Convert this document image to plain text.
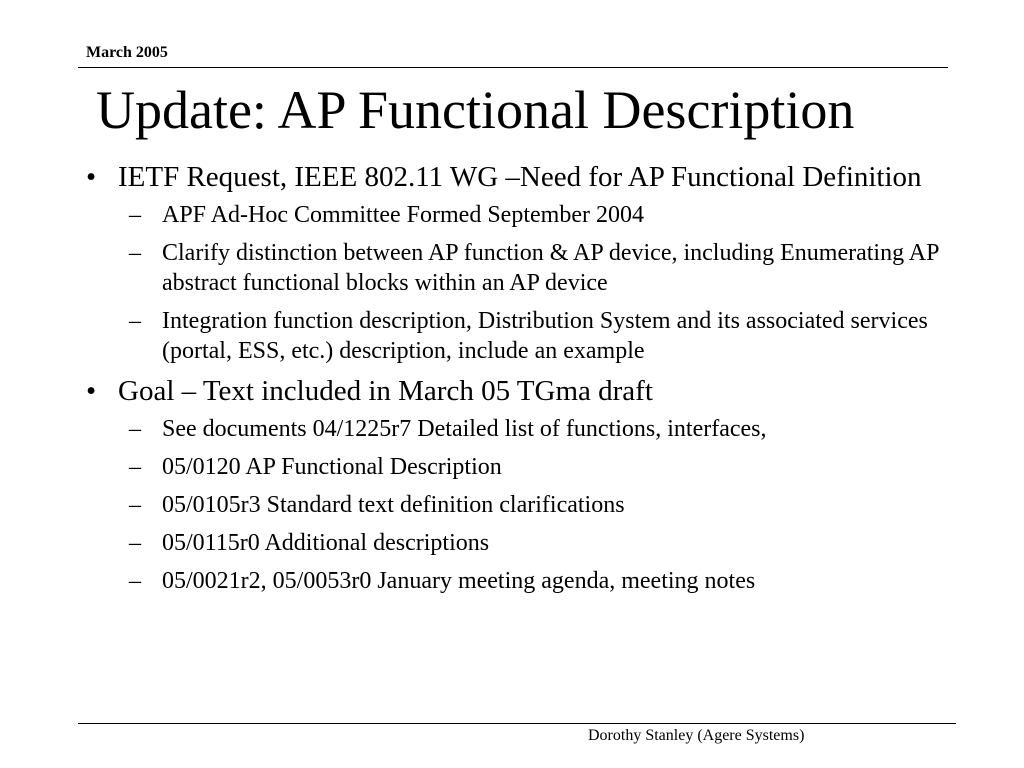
March 2005
Update: AP Functional Description
• IETF Request, IEEE 802.11 WG –Need for AP Functional Definition
– APF Ad-Hoc Committee Formed September 2004
– Clarify distinction between AP function & AP device, including Enumerating AP abstract functional blocks within an AP device
– Integration function description, Distribution System and its associated services (portal, ESS, etc.) description, include an example
• Goal – Text included in March 05 TGma draft
– See documents 04/1225r7 Detailed list of functions, interfaces,
– 05/0120 AP Functional Description
– 05/0105r3 Standard text definition clarifications
– 05/0115r0 Additional descriptions
– 05/0021r2, 05/0053r0 January meeting agenda, meeting notes
Dorothy Stanley (Agere Systems)
